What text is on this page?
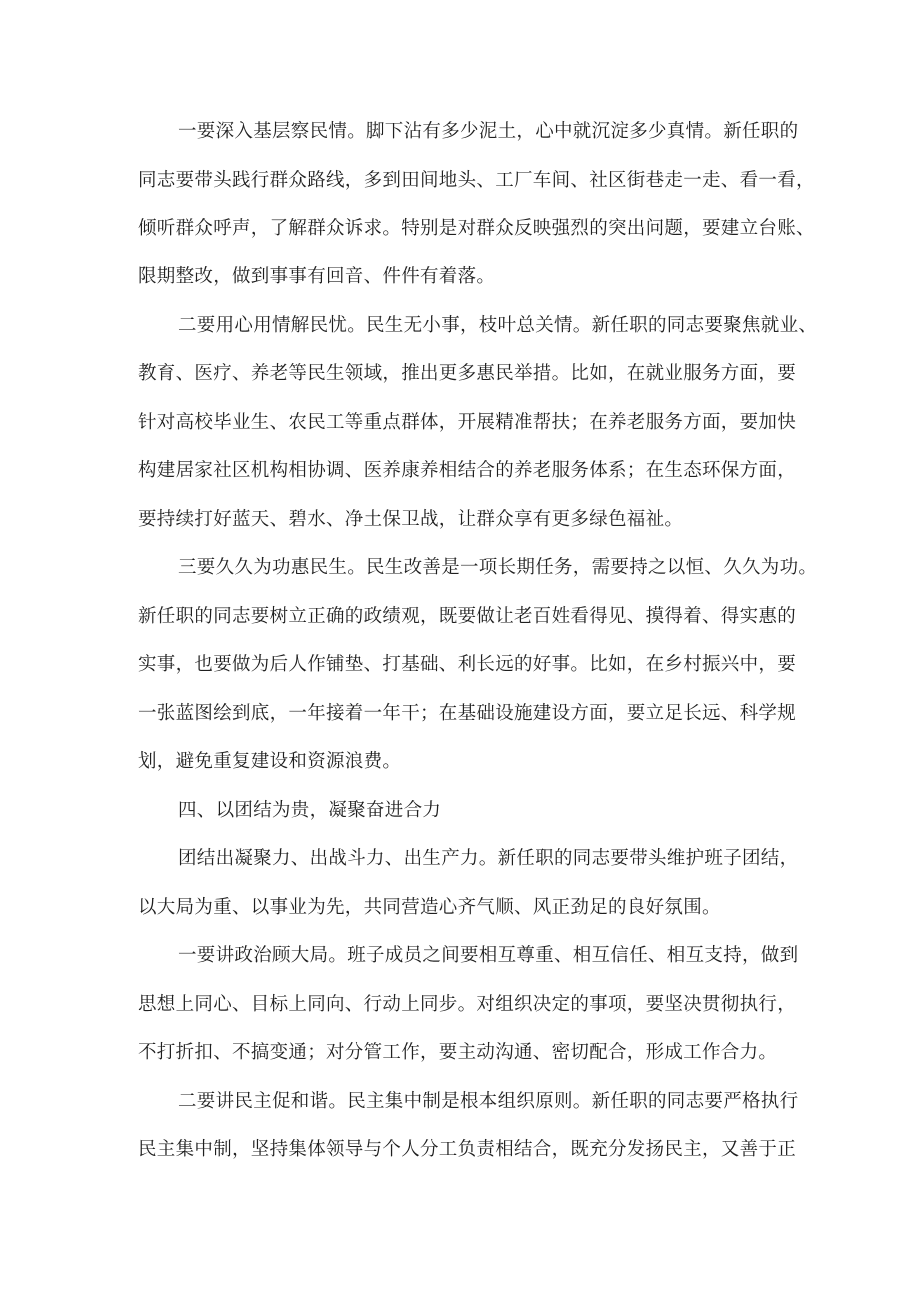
一要深入基层察民情。脚下沾有多少泥土，心中就沉淀多少真情。新任职的

同志要带头践行群众路线，多到田间地头、工厂车间、社区街巷走一走、看一看，

倾听群众呼声，了解群众诉求。特别是对群众反映强烈的突出问题，要建立台账、

限期整改，做到事事有回音、件件有着落。

二要用心用情解民忧。民生无小事，枝叶总关情。新任职的同志要聚焦就业、

教育、医疗、养老等民生领域，推出更多惠民举措。比如，在就业服务方面，要

针对高校毕业生、农民工等重点群体，开展精准帮扶；在养老服务方面，要加快

构建居家社区机构相协调、医养康养相结合的养老服务体系；在生态环保方面，

要持续打好蓝天、碧水、净土保卫战，让群众享有更多绿色福祉。

三要久久为功惠民生。民生改善是一项长期任务，需要持之以恒、久久为功。

新任职的同志要树立正确的政绩观，既要做让老百姓看得见、摸得着、得实惠的

实事，也要做为后人作铺垫、打基础、利长远的好事。比如，在乡村振兴中，要

一张蓝图绘到底，一年接着一年干；在基础设施建设方面，要立足长远、科学规

划，避免重复建设和资源浪费。

四、以团结为贵，凝聚奋进合力

团结出凝聚力、出战斗力、出生产力。新任职的同志要带头维护班子团结，

以大局为重、以事业为先，共同营造心齐气顺、风正劲足的良好氛围。

一要讲政治顾大局。班子成员之间要相互尊重、相互信任、相互支持，做到

思想上同心、目标上同向、行动上同步。对组织决定的事项，要坚决贯彻执行，

不打折扣、不搞变通；对分管工作，要主动沟通、密切配合，形成工作合力。

二要讲民主促和谐。民主集中制是根本组织原则。新任职的同志要严格执行

民主集中制，坚持集体领导与个人分工负责相结合，既充分发扬民主，又善于正
